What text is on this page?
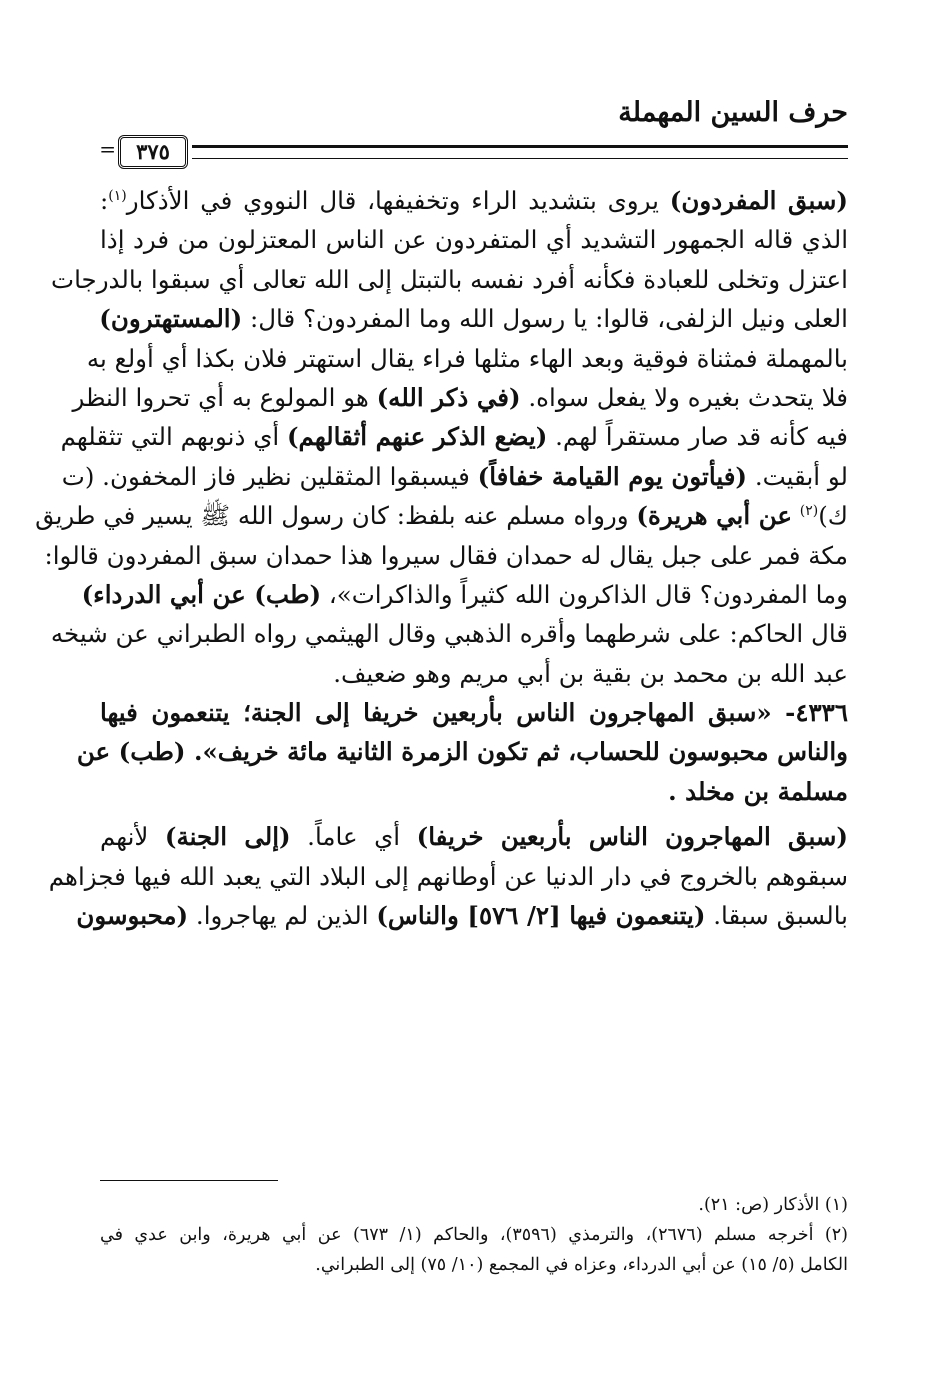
حرف السين المهملة
٣٧٥
=
(سبق المفردون) يروى بتشديد الراء وتخفيفها، قال النووي في الأذكار$^{(١)}$:
الذي قاله الجمهور التشديد أي المتفردون عن الناس المعتزلون من فرد إذا
اعتزل وتخلى للعبادة فكأنه أفرد نفسه بالتبتل إلى الله تعالى أي سبقوا بالدرجات
العلى ونيل الزلفى، قالوا: يا رسول الله وما المفردون؟ قال: (المستهترون)
بالمهملة فمثناة فوقية وبعد الهاء مثلها فراء يقال استهتر فلان بكذا أي أولع به
فلا يتحدث بغيره ولا يفعل سواه. (في ذكر الله) هو المولوع به أي تحروا النظر
فيه كأنه قد صار مستقراً لهم. (يضع الذكر عنهم أثقالهم) أي ذنوبهم التي تثقلهم
لو أبقيت. (فيأتون يوم القيامة خفافاً) فيسبقوا المثقلين نظير فاز المخفون. (ت
ك)$^{(٢)}$ عن أبي هريرة) ورواه مسلم عنه بلفظ: كان رسول الله ﷺ يسير في طريق
مكة فمر على جبل يقال له حمدان فقال سيروا هذا حمدان سبق المفردون قالوا:
وما المفردون؟ قال الذاكرون الله كثيراً والذاكرات»، (طب) عن أبي الدرداء)
قال الحاكم: على شرطهما وأقره الذهبي وقال الهيثمي رواه الطبراني عن شيخه
عبد الله بن محمد بن بقية بن أبي مريم وهو ضعيف.
٤٣٣٦- «سبق المهاجرون الناس بأربعين خريفا إلى الجنة؛ يتنعمون فيها
والناس محبوسون للحساب، ثم تكون الزمرة الثانية مائة خريف». (طب) عن
مسلمة بن مخلد .
(سبق المهاجرون الناس بأربعين خريفا) أي عاماً. (إلى الجنة) لأنهم
سبقوهم بالخروج في دار الدنيا عن أوطانهم إلى البلاد التي يعبد الله فيها فجزاهم
بالسبق سبقا. (يتنعمون فيها [٢/ ٥٧٦] والناس) الذين لم يهاجروا. (محبوسون
(١) الأذكار (ص: ٢١).
(٢) أخرجه مسلم (٢٦٧٦)، والترمذي (٣٥٩٦)، والحاكم (١/ ٦٧٣) عن أبي هريرة، وابن عدي في
الكامل (٥/ ١٥) عن أبي الدرداء، وعزاه في المجمع (١٠/ ٧٥) إلى الطبراني.
